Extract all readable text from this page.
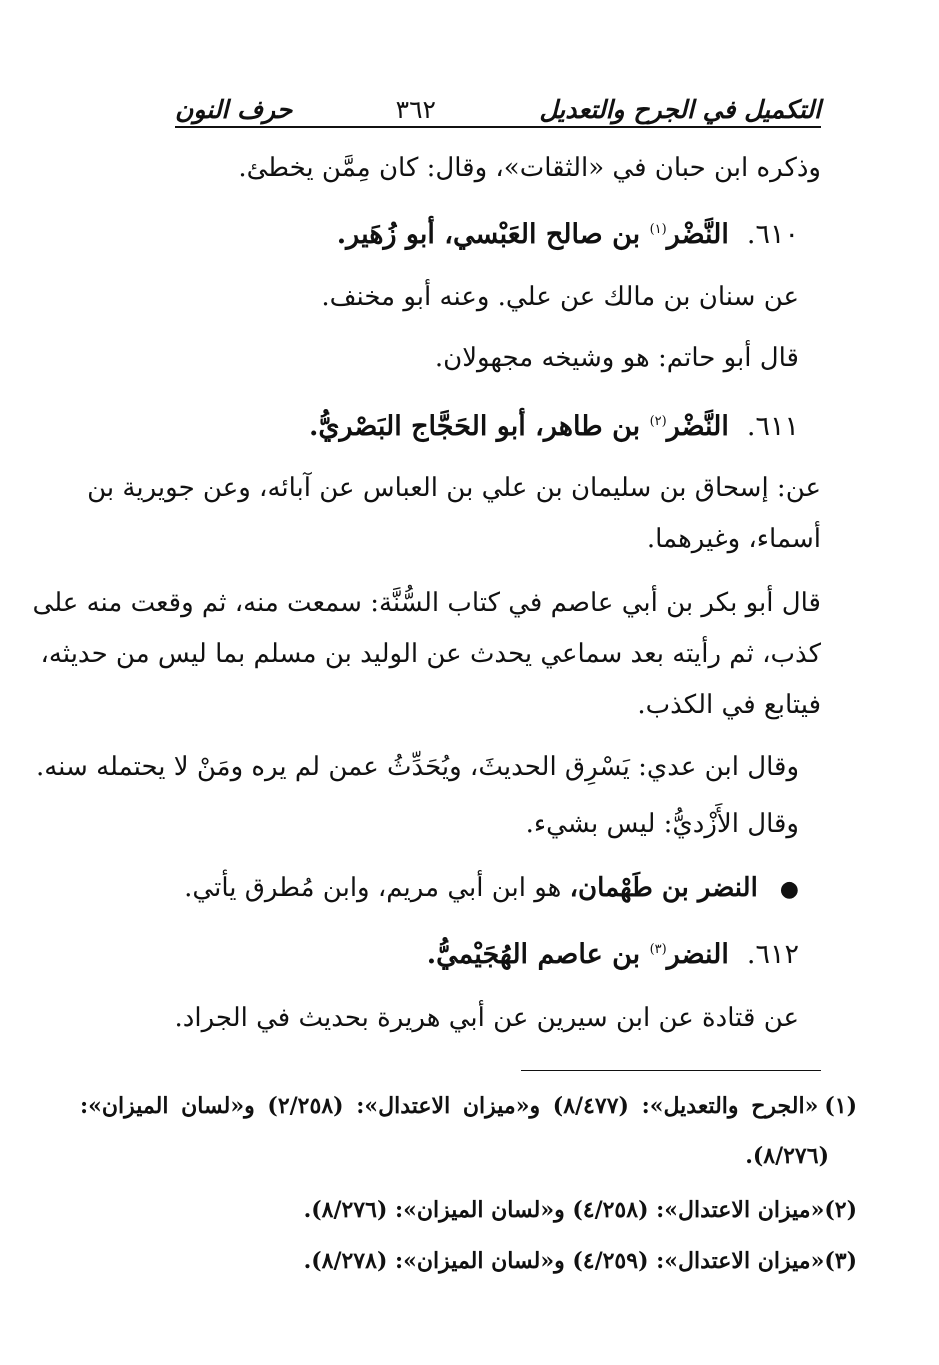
التكميل في الجرح والتعديل
٣٦٢
حرف النون
وذكره ابن حبان في «الثقات»، وقال: كان مِمَّن يخطئ.
٦١٠.النَّضْر$^{(١)}$ بن صالح العَبْسي، أبو زُهَير.
عن سنان بن مالك عن علي. وعنه أبو مخنف.
قال أبو حاتم: هو وشيخه مجهولان.
٦١١.النَّضْر$^{(٢)}$ بن طاهر، أبو الحَجَّاج البَصْريُّ.
عن: إسحاق بن سليمان بن علي بن العباس عن آبائه، وعن جويرية بن
أسماء، وغيرهما.
قال أبو بكر بن أبي عاصم في كتاب السُّنَّة: سمعت منه، ثم وقعت منه على
كذب، ثم رأيته بعد سماعي يحدث عن الوليد بن مسلم بما ليس من حديثه،
فيتابع في الكذب.
وقال ابن عدي: يَسْرِق الحديثَ، ويُحَدِّثُ عمن لم يره ومَنْ لا يحتمله سنه.
وقال الأَزْديُّ: ليس بشيء.
●النضر بن طَهْمان، هو ابن أبي مريم، وابن مُطرق يأتي.
٦١٢.النضر$^{(٣)}$ بن عاصم الهُجَيْميُّ.
عن قتادة عن ابن سيرين عن أبي هريرة بحديث في الجراد.
(١)«الجرح والتعديل»: (٨/٤٧٧) و«ميزان الاعتدال»: (٢/٢٥٨) و«لسان الميزان»:
(٨/٢٧٦).
(٢)«ميزان الاعتدال»: (٤/٢٥٨) و«لسان الميزان»: (٨/٢٧٦).
(٣)«ميزان الاعتدال»: (٤/٢٥٩) و«لسان الميزان»: (٨/٢٧٨).
